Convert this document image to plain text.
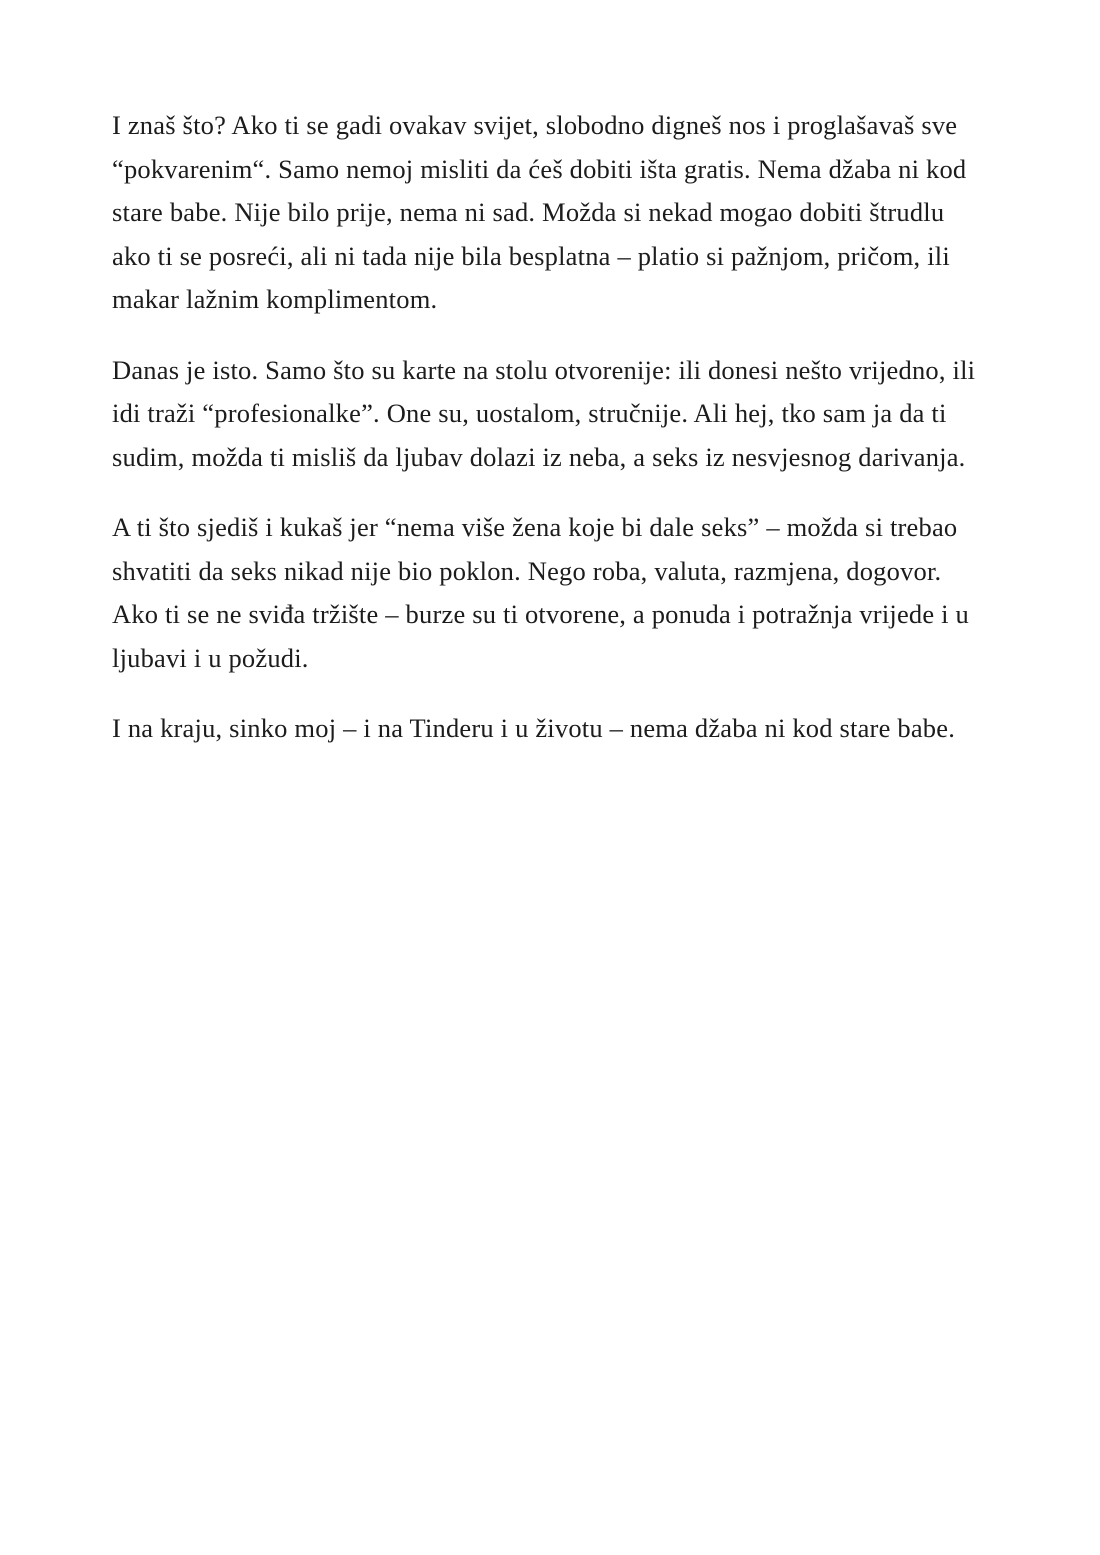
I znaš što? Ako ti se gadi ovakav svijet, slobodno digneš nos i proglašavaš sve “pokvarenim“. Samo nemoj misliti da ćeš dobiti išta gratis. Nema džaba ni kod stare babe. Nije bilo prije, nema ni sad. Možda si nekad mogao dobiti štrudlu ako ti se posreći, ali ni tada nije bila besplatna – platio si pažnjom, pričom, ili makar lažnim komplimentom.

Danas je isto. Samo što su karte na stolu otvorenije: ili donesi nešto vrijedno, ili idi traži “profesionalke”. One su, uostalom, stručnije. Ali hej, tko sam ja da ti sudim, možda ti misliš da ljubav dolazi iz neba, a seks iz nesvjesnog darivanja.

A ti što sjediš i kukaš jer “nema više žena koje bi dale seks” – možda si trebao shvatiti da seks nikad nije bio poklon. Nego roba, valuta, razmjena, dogovor. Ako ti se ne sviđa tržište – burze su ti otvorene, a ponuda i potražnja vrijede i u ljubavi i u požudi.

I na kraju, sinko moj – i na Tinderu i u životu – nema džaba ni kod stare babe.
